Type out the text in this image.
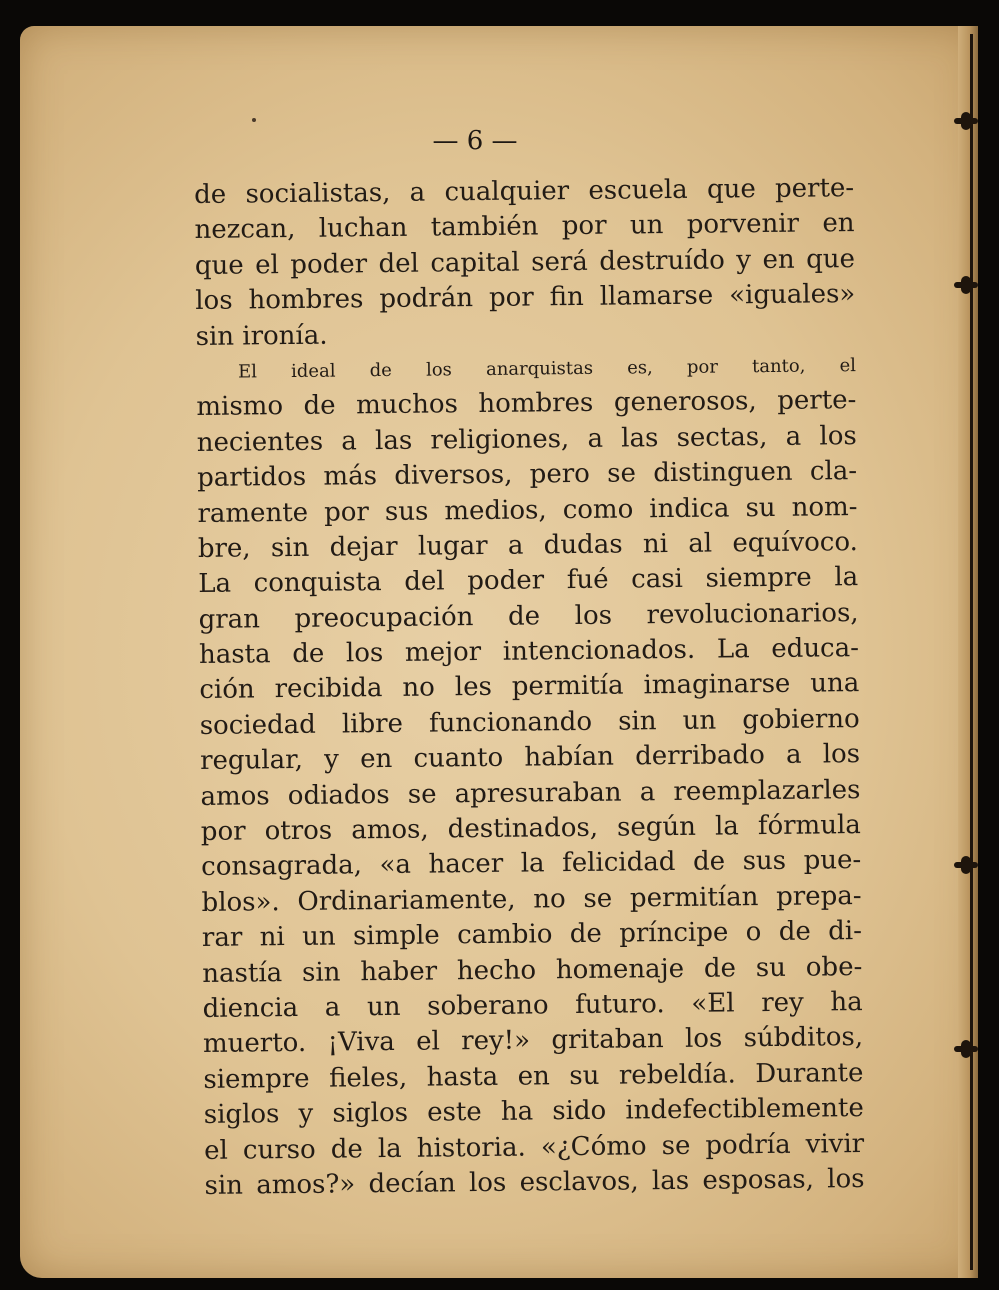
— 6 —
de socialistas, a cualquier escuela que perte-
nezcan, luchan también por un porvenir en
que el poder del capital será destruído y en que
los hombres podrán por fin llamarse «iguales»
sin ironía.
El ideal de los anarquistas es, por tanto, el
mismo de muchos hombres generosos, perte-
necientes a las religiones, a las sectas, a los
partidos más diversos, pero se distinguen cla-
ramente por sus medios, como indica su nom-
bre, sin dejar lugar a dudas ni al equívoco.
La conquista del poder fué casi siempre la
gran preocupación de los revolucionarios,
hasta de los mejor intencionados. La educa-
ción recibida no les permitía imaginarse una
sociedad libre funcionando sin un gobierno
regular, y en cuanto habían derribado a los
amos odiados se apresuraban a reemplazarles
por otros amos, destinados, según la fórmula
consagrada, «a hacer la felicidad de sus pue-
blos». Ordinariamente, no se permitían prepa-
rar ni un simple cambio de príncipe o de di-
nastía sin haber hecho homenaje de su obe-
diencia a un soberano futuro. «El rey ha
muerto. ¡Viva el rey!» gritaban los súbditos,
siempre fieles, hasta en su rebeldía. Durante
siglos y siglos este ha sido indefectiblemente
el curso de la historia. «¿Cómo se podría vivir
sin amos?» decían los esclavos, las esposas, los
